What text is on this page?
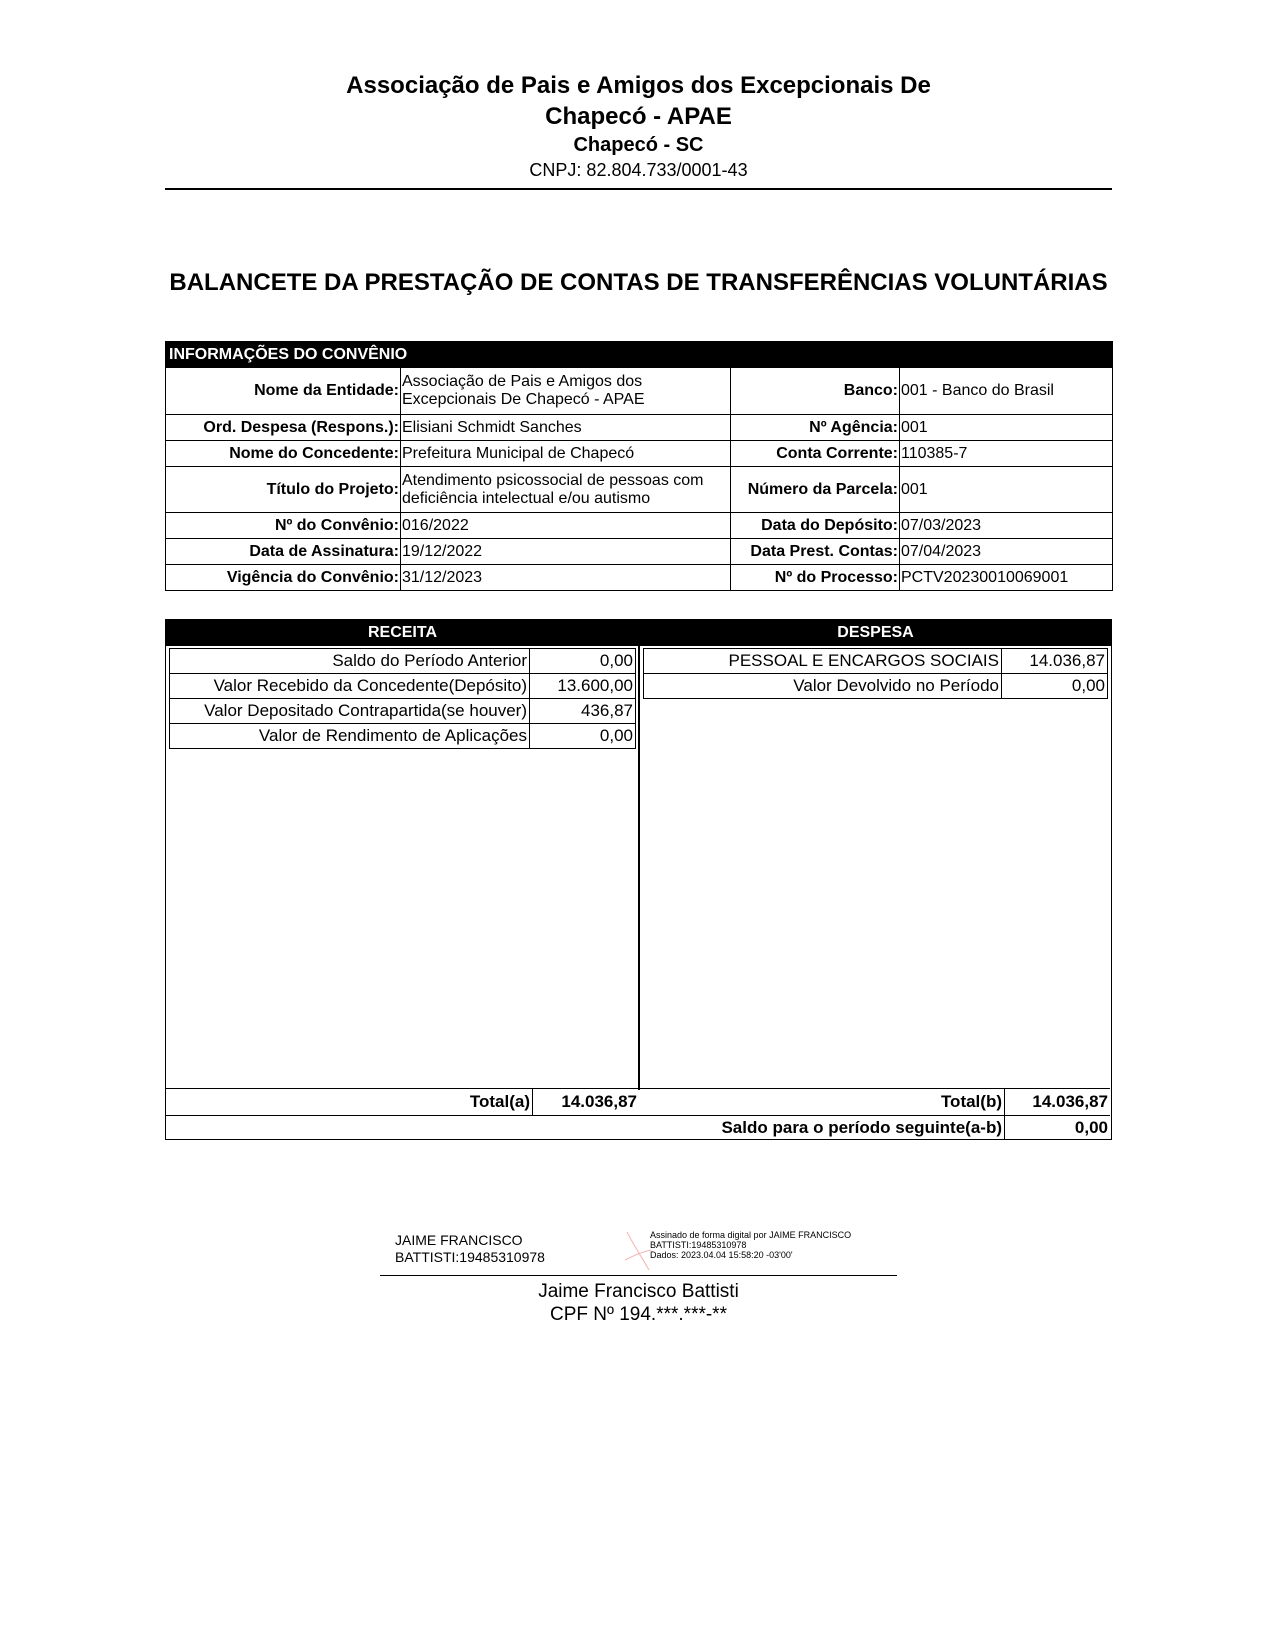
Associação de Pais e Amigos dos Excepcionais De Chapecó - APAE
Chapecó - SC
CNPJ: 82.804.733/0001-43
BALANCETE DA PRESTAÇÃO DE CONTAS DE TRANSFERÊNCIAS VOLUNTÁRIAS
INFORMAÇÕES DO CONVÊNIO			
Nome da Entidade:	Associação de Pais e Amigos dos Excepcionais De Chapecó - APAE	Banco:	001 - Banco do Brasil
Ord. Despesa (Respons.):	Elisiani Schmidt Sanches	Nº Agência:	001
Nome do Concedente:	Prefeitura Municipal de Chapecó	Conta Corrente:	110385-7
Título do Projeto:	Atendimento psicossocial de pessoas com deficiência intelectual e/ou autismo	Número da Parcela:	001
Nº do Convênio:	016/2022	Data do Depósito:	07/03/2023
Data de Assinatura:	19/12/2022	Data Prest. Contas:	07/04/2023
Vigência do Convênio:	31/12/2023	Nº do Processo:	PCTV20230010069001
RECEITA	DESPESA
Saldo do Período Anterior	0,00
Valor Recebido da Concedente(Depósito)	13.600,00
Valor Depositado Contrapartida(se houver)	436,87
Valor de Rendimento de Aplicações	0,00
PESSOAL E ENCARGOS SOCIAIS	14.036,87
Valor Devolvido no Período	0,00
Total(a)	14.036,87	Total(b)	14.036,87
Saldo para o período seguinte(a-b)	0,00
JAIME FRANCISCO
BATTISTI:19485310978
Assinado de forma digital por JAIME FRANCISCO
BATTISTI:19485310978
Dados: 2023.04.04 15:58:20 -03'00'
Jaime Francisco Battisti
CPF Nº 194.***.***-**
